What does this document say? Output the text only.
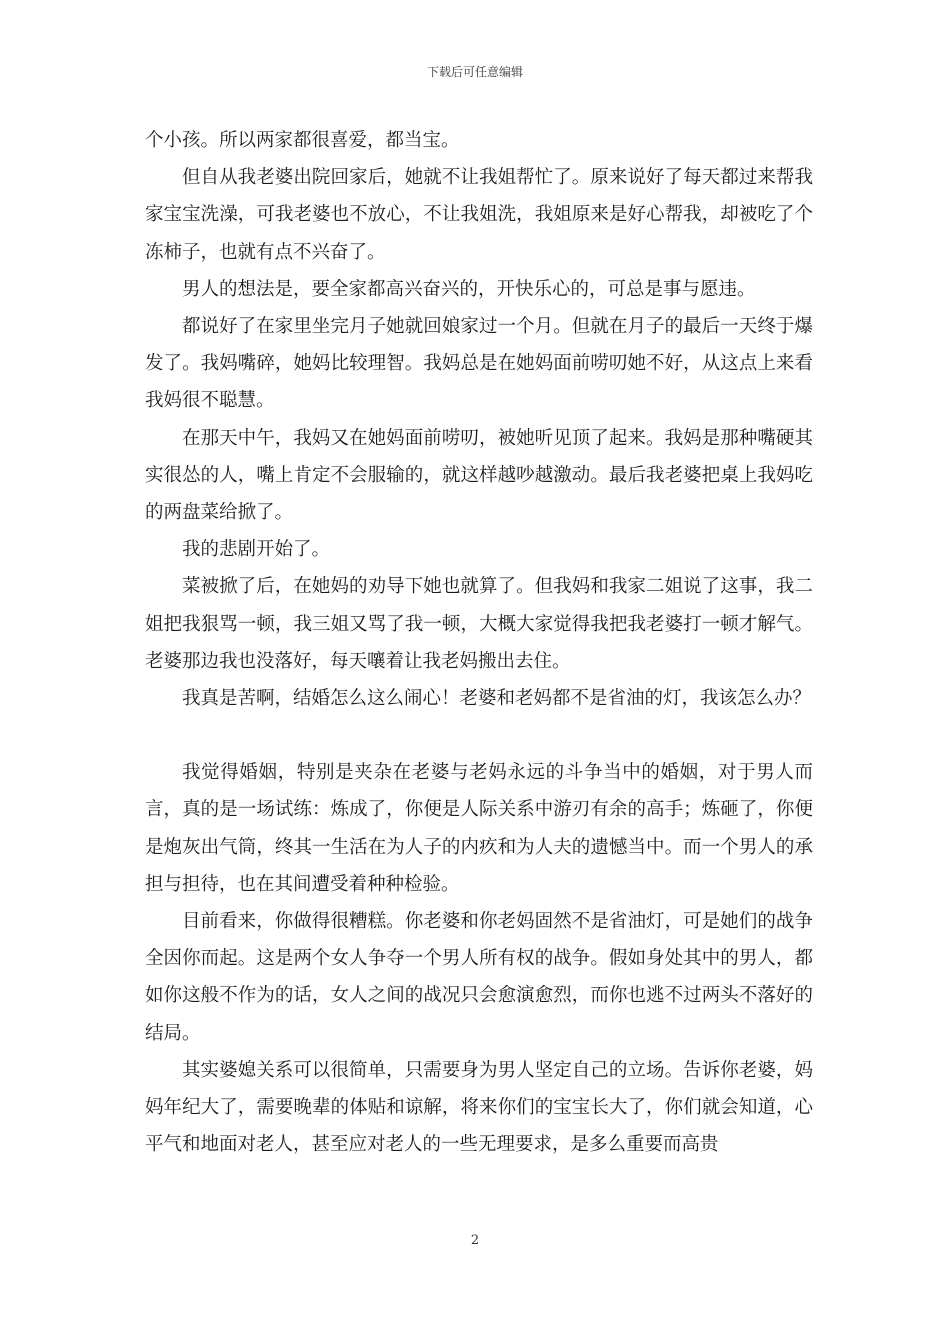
下载后可任意编辑

个小孩。所以两家都很喜爱，都当宝。

但自从我老婆出院回家后，她就不让我姐帮忙了。原来说好了每天都过来帮我家宝宝洗澡，可我老婆也不放心，不让我姐洗，我姐原来是好心帮我，却被吃了个冻柿子，也就有点不兴奋了。

男人的想法是，要全家都高兴奋兴的，开快乐心的，可总是事与愿违。

都说好了在家里坐完月子她就回娘家过一个月。但就在月子的最后一天终于爆发了。我妈嘴碎，她妈比较理智。我妈总是在她妈面前唠叨她不好，从这点上来看我妈很不聪慧。

在那天中午，我妈又在她妈面前唠叨，被她听见顶了起来。我妈是那种嘴硬其实很怂的人，嘴上肯定不会服输的，就这样越吵越激动。最后我老婆把桌上我妈吃的两盘菜给掀了。

我的悲剧开始了。

菜被掀了后，在她妈的劝导下她也就算了。但我妈和我家二姐说了这事，我二姐把我狠骂一顿，我三姐又骂了我一顿，大概大家觉得我把我老婆打一顿才解气。老婆那边我也没落好，每天嚷着让我老妈搬出去住。

我真是苦啊，结婚怎么这么闹心！老婆和老妈都不是省油的灯，我该怎么办？

我觉得婚姻，特别是夹杂在老婆与老妈永远的斗争当中的婚姻，对于男人而言，真的是一场试练：炼成了，你便是人际关系中游刃有余的高手；炼砸了，你便是炮灰出气筒，终其一生活在为人子的内疚和为人夫的遗憾当中。而一个男人的承担与担待，也在其间遭受着种种检验。

目前看来，你做得很糟糕。你老婆和你老妈固然不是省油灯，可是她们的战争全因你而起。这是两个女人争夺一个男人所有权的战争。假如身处其中的男人，都如你这般不作为的话，女人之间的战况只会愈演愈烈，而你也逃不过两头不落好的结局。

其实婆媳关系可以很简单，只需要身为男人坚定自己的立场。告诉你老婆，妈妈年纪大了，需要晚辈的体贴和谅解，将来你们的宝宝长大了，你们就会知道，心平气和地面对老人，甚至应对老人的一些无理要求，是多么重要而高贵

2
